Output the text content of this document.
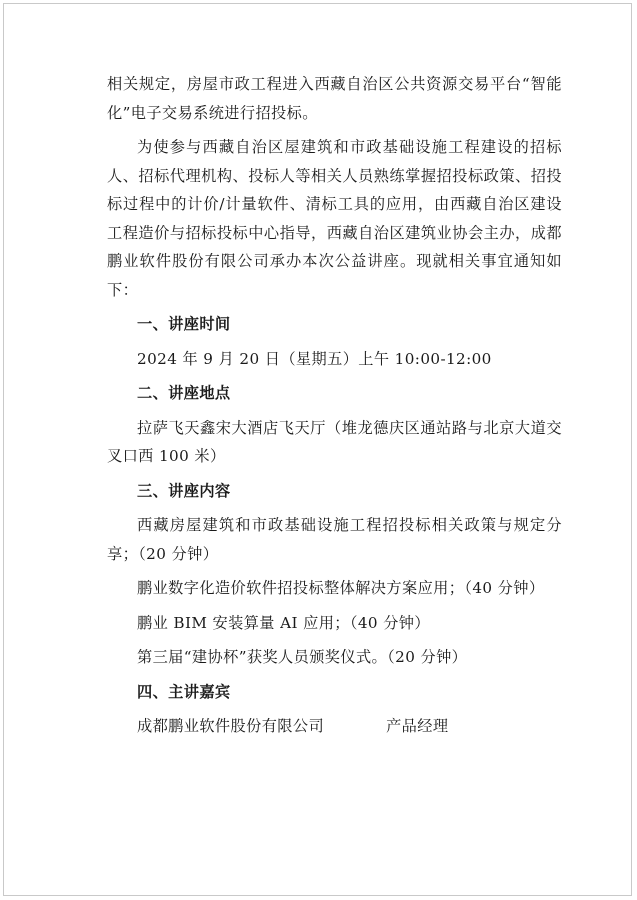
相关规定，房屋市政工程进入西藏自治区公共资源交易平台“智能化”电子交易系统进行招投标。

为使参与西藏自治区屋建筑和市政基础设施工程建设的招标人、招标代理机构、投标人等相关人员熟练掌握招投标政策、招投标过程中的计价/计量软件、清标工具的应用，由西藏自治区建设工程造价与招标投标中心指导，西藏自治区建筑业协会主办，成都鹏业软件股份有限公司承办本次公益讲座。现就相关事宜通知如下：

一、讲座时间

2024 年 9 月 20 日（星期五）上午 10:00-12:00

二、讲座地点

拉萨飞天鑫宋大酒店飞天厅（堆龙德庆区通站路与北京大道交叉口西 100 米）

三、讲座内容

西藏房屋建筑和市政基础设施工程招投标相关政策与规定分享；（20 分钟）

鹏业数字化造价软件招投标整体解决方案应用；（40 分钟）

鹏业 BIM 安装算量 AI 应用；（40 分钟）

第三届“建协杯”获奖人员颁奖仪式。（20 分钟）

四、主讲嘉宾

成都鹏业软件股份有限公司	产品经理
